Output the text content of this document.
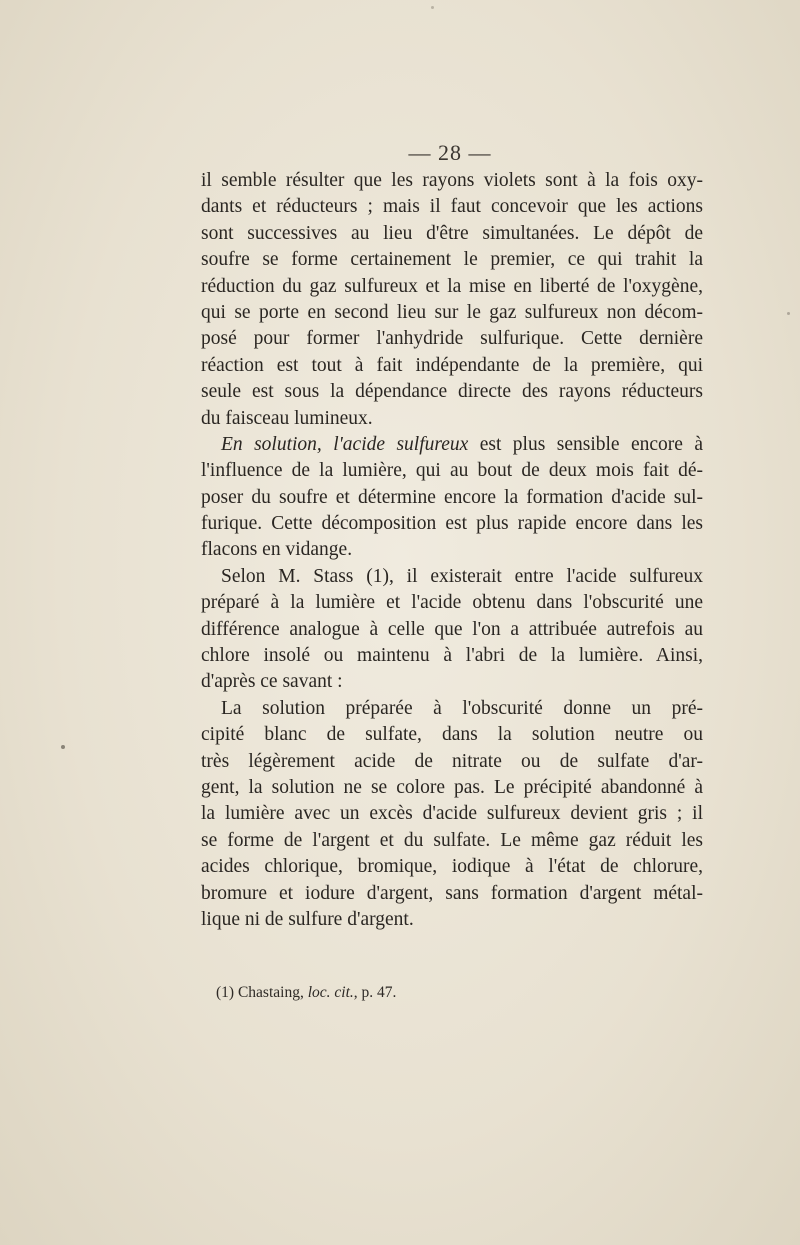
— 28 —
il semble résulter que les rayons violets sont à la fois oxy-
dants et réducteurs ; mais il faut concevoir que les actions
sont successives au lieu d'être simultanées. Le dépôt de
soufre se forme certainement le premier, ce qui trahit la
réduction du gaz sulfureux et la mise en liberté de l'oxygène,
qui se porte en second lieu sur le gaz sulfureux non décom-
posé pour former l'anhydride sulfurique. Cette dernière
réaction est tout à fait indépendante de la première, qui
seule est sous la dépendance directe des rayons réducteurs
du faisceau lumineux.
En solution, l'acide sulfureux est plus sensible encore à
l'influence de la lumière, qui au bout de deux mois fait dé-
poser du soufre et détermine encore la formation d'acide sul-
furique. Cette décomposition est plus rapide encore dans les
flacons en vidange.
Selon M. Stass (1), il existerait entre l'acide sulfureux
préparé à la lumière et l'acide obtenu dans l'obscurité une
différence analogue à celle que l'on a attribuée autrefois au
chlore insolé ou maintenu à l'abri de la lumière. Ainsi,
d'après ce savant :
La solution préparée à l'obscurité donne un pré-
cipité blanc de sulfate, dans la solution neutre ou
très légèrement acide de nitrate ou de sulfate d'ar-
gent, la solution ne se colore pas. Le précipité abandonné à
la lumière avec un excès d'acide sulfureux devient gris ; il
se forme de l'argent et du sulfate. Le même gaz réduit les
acides chlorique, bromique, iodique à l'état de chlorure,
bromure et iodure d'argent, sans formation d'argent métal-
lique ni de sulfure d'argent.
(1) Chastaing, loc. cit., p. 47.
